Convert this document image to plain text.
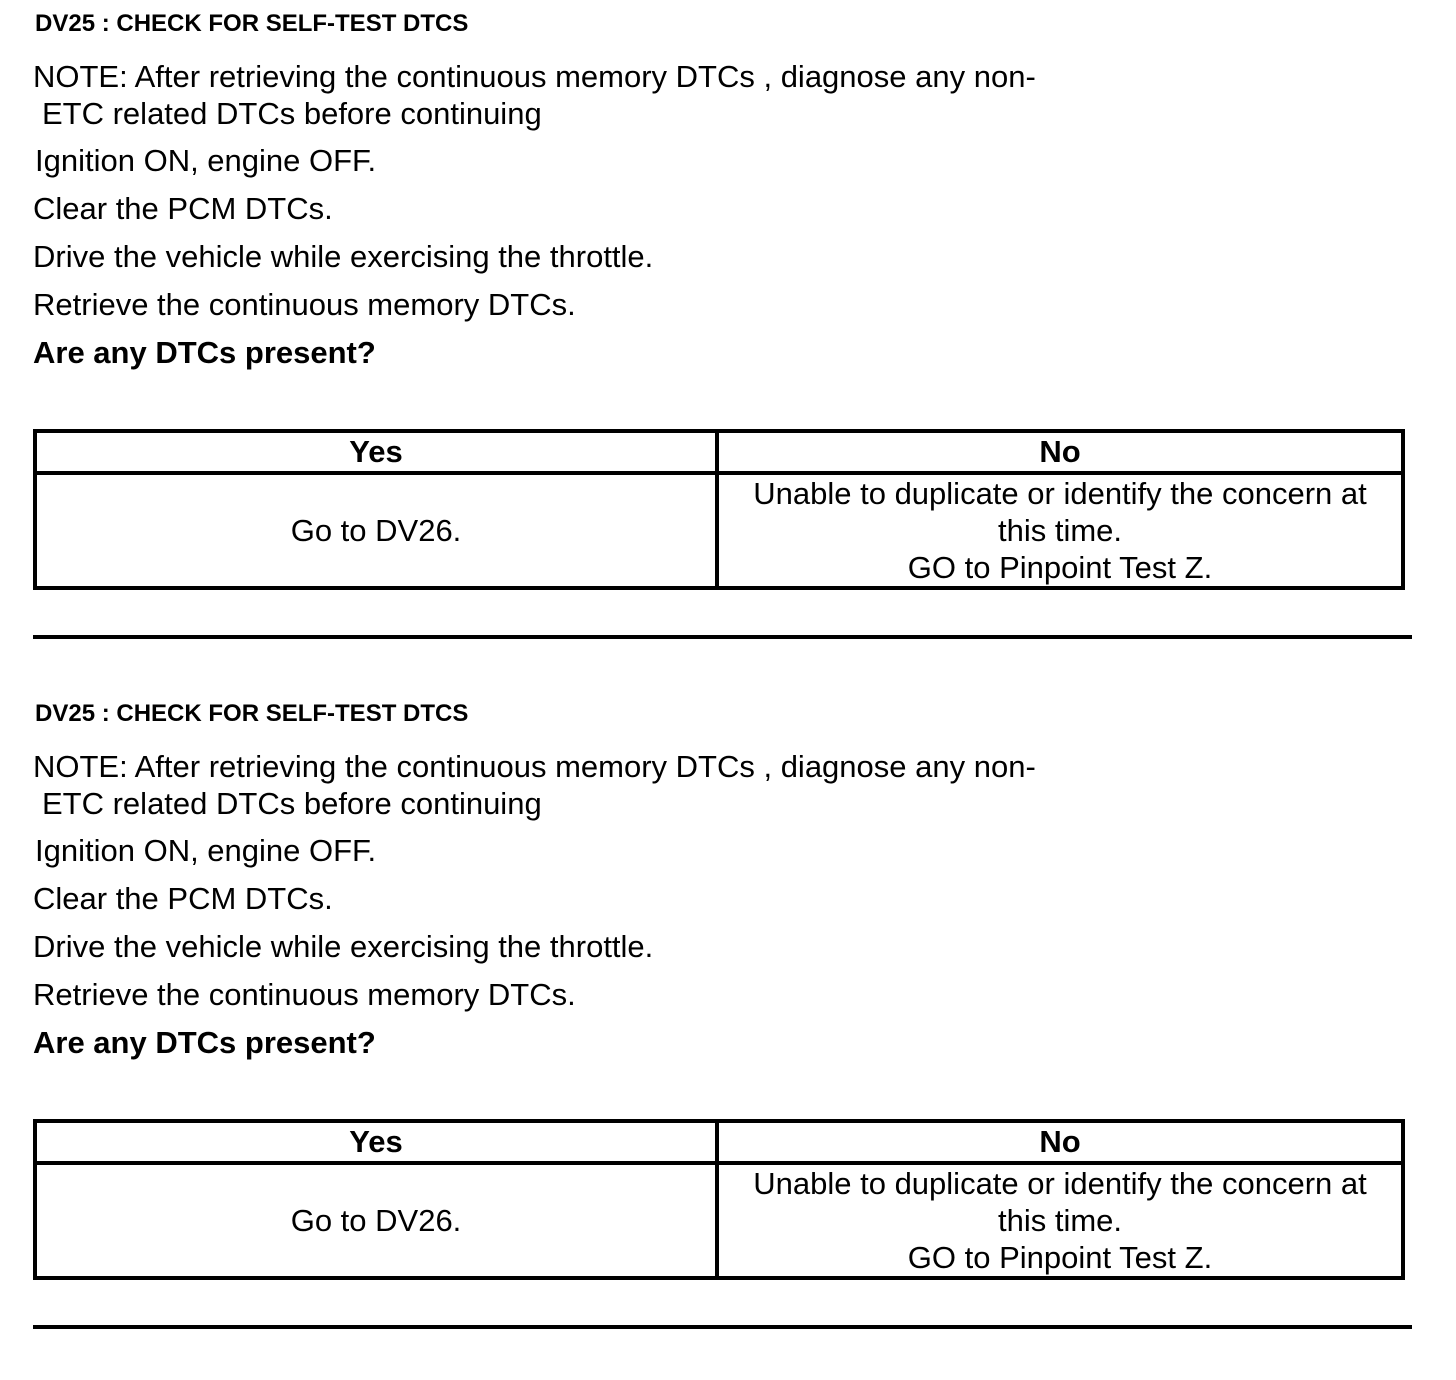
DV25 : CHECK FOR SELF-TEST DTCS
NOTE: After retrieving the continuous memory DTCs , diagnose any non-
ETC related DTCs before continuing
Ignition ON, engine OFF.
Clear the PCM DTCs.
Drive the vehicle while exercising the throttle.
Retrieve the continuous memory DTCs.
Are any DTCs present?
Yes	No
Go to DV26.	Unable to duplicate or identify the concern at
this time.
GO to Pinpoint Test Z.
DV25 : CHECK FOR SELF-TEST DTCS
NOTE: After retrieving the continuous memory DTCs , diagnose any non-
ETC related DTCs before continuing
Ignition ON, engine OFF.
Clear the PCM DTCs.
Drive the vehicle while exercising the throttle.
Retrieve the continuous memory DTCs.
Are any DTCs present?
Yes	No
Go to DV26.	Unable to duplicate or identify the concern at
this time.
GO to Pinpoint Test Z.
